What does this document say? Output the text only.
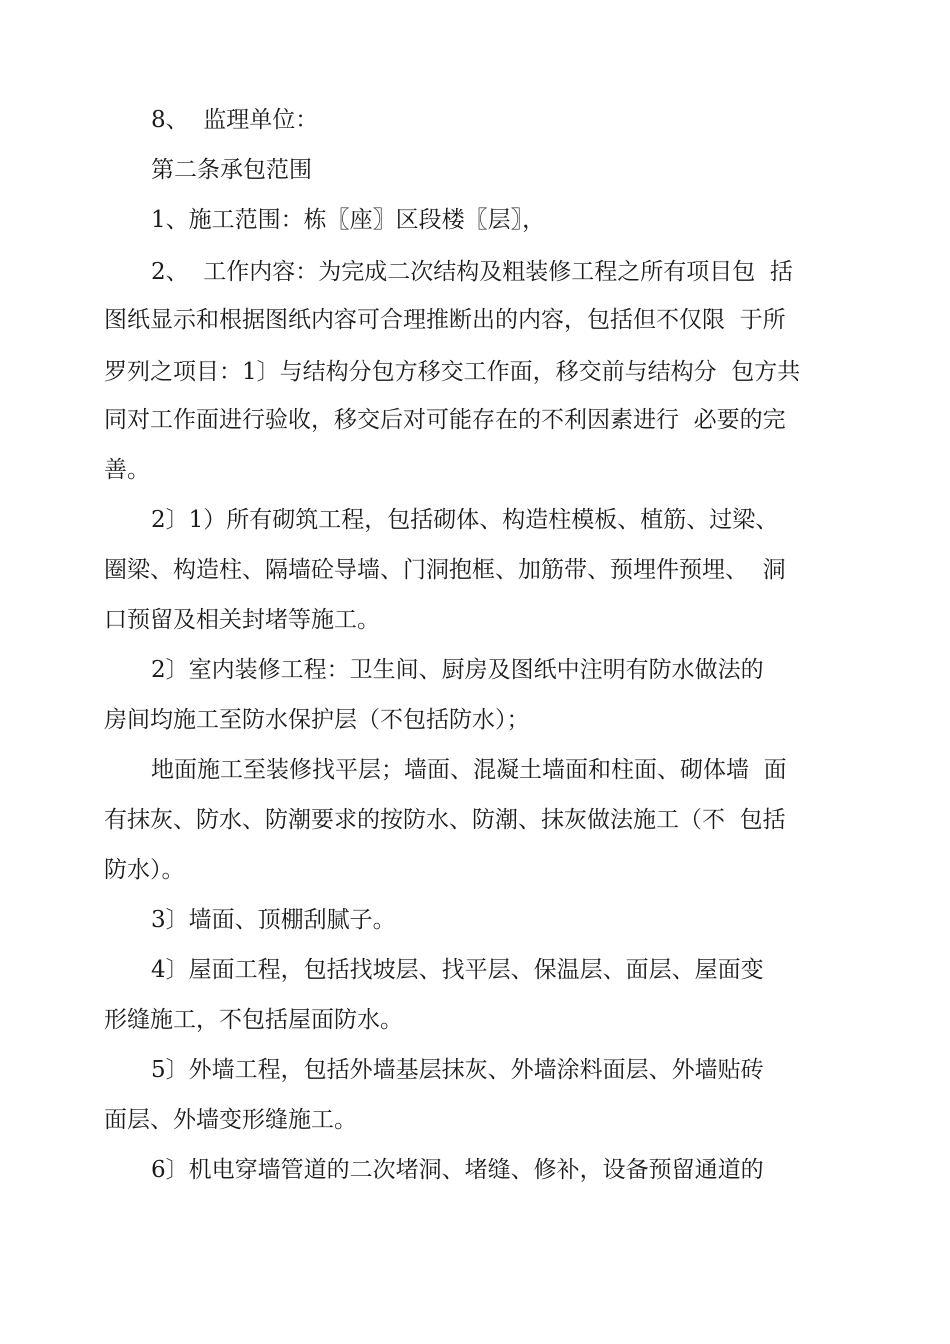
8、  监理单位：
第二条承包范围
1、施工范围：栋〖座〗区段楼〖层〗，
2、  工作内容：为完成二次结构及粗装修工程之所有项目包  括
图纸显示和根据图纸内容可合理推断出的内容，包括但不仅限  于所
罗列之项目：1〕与结构分包方移交工作面，移交前与结构分  包方共
同对工作面进行验收，移交后对可能存在的不利因素进行  必要的完
善。
2〕1）所有砌筑工程，包括砌体、构造柱模板、植筋、过梁、
圈梁、构造柱、隔墙砼导墙、门洞抱框、加筋带、预埋件预埋、  洞
口预留及相关封堵等施工。
2〕室内装修工程：卫生间、厨房及图纸中注明有防水做法的
房间均施工至防水保护层（不包括防水）；
地面施工至装修找平层；墙面、混凝土墙面和柱面、砌体墙  面
有抹灰、防水、防潮要求的按防水、防潮、抹灰做法施工（不  包括
防水）。
3〕墙面、顶棚刮腻子。
4〕屋面工程，包括找坡层、找平层、保温层、面层、屋面变
形缝施工，不包括屋面防水。
5〕外墙工程，包括外墙基层抹灰、外墙涂料面层、外墙贴砖
面层、外墙变形缝施工。
6〕机电穿墙管道的二次堵洞、堵缝、修补，设备预留通道的
